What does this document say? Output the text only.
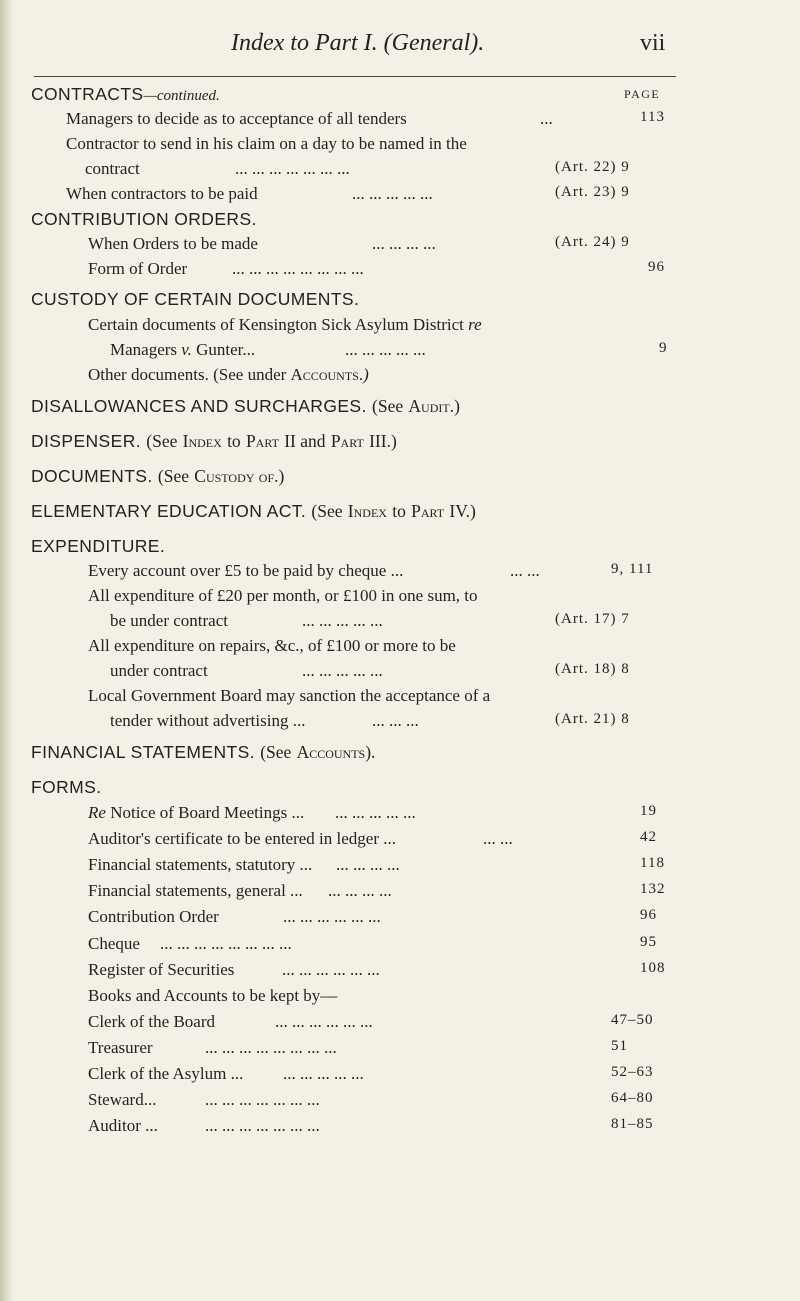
Index to Part I. (General).	vii
CONTRACTS—continued.	PAGE
Managers to decide as to acceptance of all tenders	...	113
Contractor to send in his claim on a day to be named in the
contract	... ... ... ... ... ... ...	(Art. 22) 9
When contractors to be paid	... ... ... ... ...	(Art. 23) 9
CONTRIBUTION ORDERS.
When Orders to be made	... ... ... ...	(Art. 24) 9
Form of Order	... ... ... ... ... ... ... ...	96
CUSTODY OF CERTAIN DOCUMENTS.
Certain documents of Kensington Sick Asylum District re
Managers v. Gunter...	... ... ... ... ...	9
Other documents. (See under Accounts.)
DISALLOWANCES AND SURCHARGES. (See Audit.)
DISPENSER. (See Index to Part II and Part III.)
DOCUMENTS. (See Custody of.)
ELEMENTARY EDUCATION ACT. (See Index to Part IV.)
EXPENDITURE.
Every account over £5 to be paid by cheque ...	... ...	9, 111
All expenditure of £20 per month, or £100 in one sum, to
be under contract	... ... ... ... ...	(Art. 17) 7
All expenditure on repairs, &c., of £100 or more to be
under contract	... ... ... ... ...	(Art. 18) 8
Local Government Board may sanction the acceptance of a
tender without advertising ...	... ... ...	(Art. 21) 8
FINANCIAL STATEMENTS. (See Accounts).
FORMS.
Re Notice of Board Meetings ... ... ... ... ... ...	19
Auditor's certificate to be entered in ledger ...	... ...	42
Financial statements, statutory ... ... ... ... ...	118
Financial statements, general ... ... ... ... ...	132
Contribution Order	... ... ... ... ... ...	96
Cheque ... ... ... ... ... ... ... ...	95
Register of Securities	... ... ... ... ... ...	108
Books and Accounts to be kept by—
Clerk of the Board	... ... ... ... ... ...	47–50
Treasurer	... ... ... ... ... ... ... ...	51
Clerk of the Asylum ... ... ... ... ... ...	52–63
Steward...	... ... ... ... ... ... ...	64–80
Auditor ...	... ... ... ... ... ... ...	81–85
